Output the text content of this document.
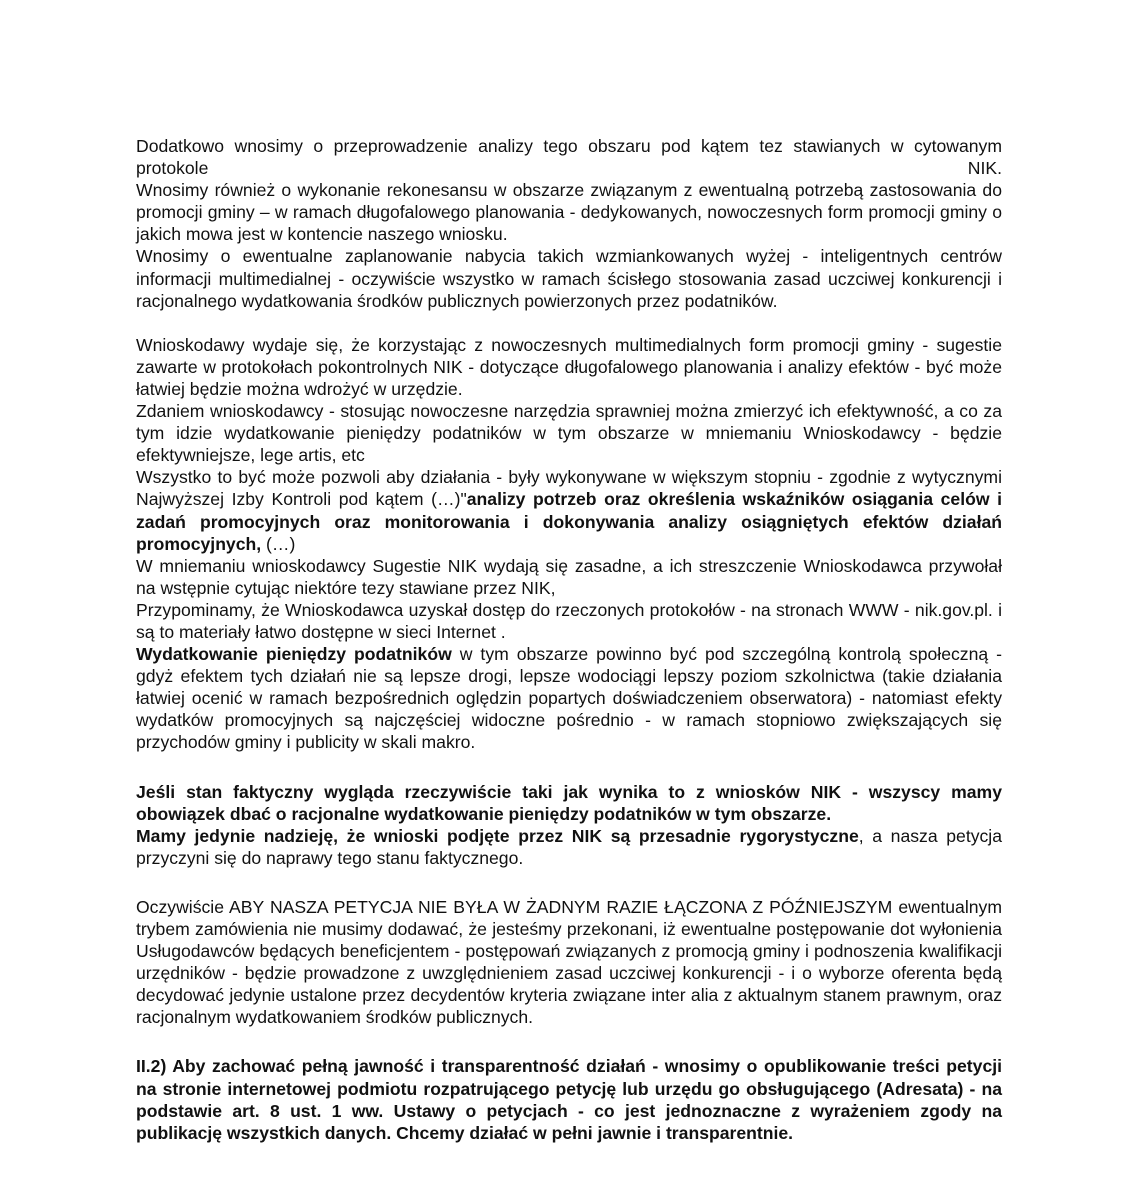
Dodatkowo wnosimy o przeprowadzenie analizy tego obszaru pod kątem tez stawianych w cytowanym
protokole	NIK.

Wnosimy również o wykonanie rekonesansu w obszarze związanym z ewentualną potrzebą zastosowania do promocji gminy – w ramach długofalowego planowania - dedykowanych, nowoczesnych form promocji gminy o jakich mowa jest w kontencie naszego wniosku.

Wnosimy o ewentualne zaplanowanie nabycia takich wzmiankowanych wyżej - inteligentnych centrów informacji multimedialnej - oczywiście wszystko w ramach ścisłego stosowania zasad uczciwej konkurencji i racjonalnego wydatkowania środków publicznych powierzonych przez podatników.

Wnioskodawy wydaje się, że korzystając z nowoczesnych multimedialnych form promocji gminy - sugestie zawarte w protokołach pokontrolnych NIK - dotyczące długofalowego planowania i analizy efektów - być może łatwiej będzie można wdrożyć w urzędzie.

Zdaniem wnioskodawcy - stosując nowoczesne narzędzia sprawniej można zmierzyć ich efektywność, a co za tym idzie wydatkowanie pieniędzy podatników w tym obszarze w mniemaniu Wnioskodawcy - będzie efektywniejsze, lege artis, etc

Wszystko to być może pozwoli aby działania - były wykonywane w większym stopniu - zgodnie z wytycznymi Najwyższej Izby Kontroli pod kątem (…)"analizy potrzeb oraz określenia wskaźników osiągania celów i zadań promocyjnych oraz monitorowania i dokonywania analizy osiągniętych efektów działań promocyjnych, (…)

W mniemaniu wnioskodawcy Sugestie NIK wydają się zasadne, a ich streszczenie Wnioskodawca przywołał na wstępnie cytując niektóre tezy stawiane przez NIK,

Przypominamy, że Wnioskodawca uzyskał dostęp do rzeczonych protokołów - na stronach WWW - nik.gov.pl. i są to materiały łatwo dostępne w sieci Internet .

Wydatkowanie pieniędzy podatników w tym obszarze powinno być pod szczególną kontrolą społeczną - gdyż efektem tych działań nie są lepsze drogi, lepsze wodociągi lepszy poziom szkolnictwa (takie działania łatwiej ocenić w ramach bezpośrednich oględzin popartych doświadczeniem obserwatora) - natomiast efekty wydatków promocyjnych są najczęściej widoczne pośrednio - w ramach stopniowo zwiększających się przychodów gminy i publicity w skali makro.

Jeśli stan faktyczny wygląda rzeczywiście taki jak wynika to z wniosków NIK - wszyscy mamy obowiązek dbać o racjonalne wydatkowanie pieniędzy podatników w tym obszarze.

Mamy jedynie nadzieję, że wnioski podjęte przez NIK są przesadnie rygorystyczne, a nasza petycja przyczyni się do naprawy tego stanu faktycznego.

Oczywiście ABY NASZA PETYCJA NIE BYŁA W ŻADNYM RAZIE ŁĄCZONA Z PÓŹNIEJSZYM ewentualnym trybem zamówienia nie musimy dodawać, że jesteśmy przekonani, iż ewentualne postępowanie dot wyłonienia Usługodawców będących beneficjentem - postępowań związanych z promocją gminy i podnoszenia kwalifikacji urzędników - będzie prowadzone z uwzględnieniem zasad uczciwej konkurencji - i o wyborze oferenta będą decydować jedynie ustalone przez decydentów kryteria związane inter alia z aktualnym stanem prawnym, oraz racjonalnym wydatkowaniem środków publicznych.

II.2) Aby zachować pełną jawność i transparentność działań - wnosimy o opublikowanie treści petycji na stronie internetowej podmiotu rozpatrującego petycję lub urzędu go obsługującego (Adresata) - na podstawie art. 8 ust. 1 ww. Ustawy o petycjach - co jest jednoznaczne z wyrażeniem zgody na publikację wszystkich danych. Chcemy działać w pełni jawnie i transparentnie.
